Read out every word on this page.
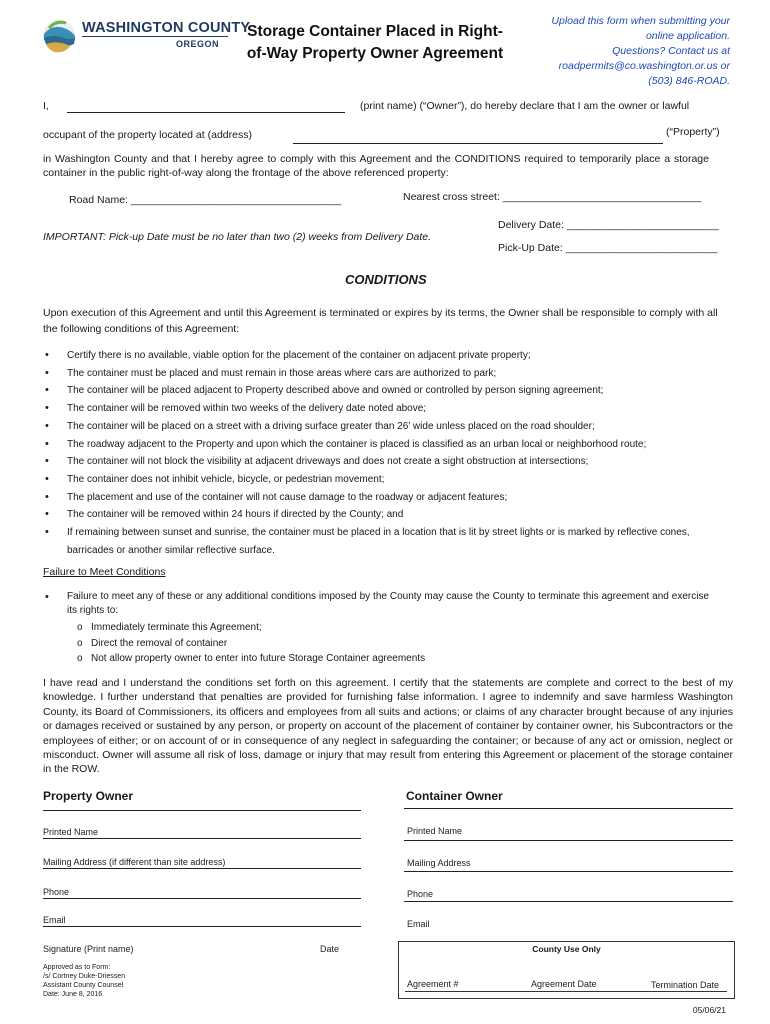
WASHINGTON COUNTY
OREGON
Storage Container Placed in Right-of-Way Property Owner Agreement
Upload this form when submitting your
online application.
Questions? Contact us at
roadpermits@co.washington.or.us or
(503) 846-ROAD.
I,	(print name) (“Owner”), do hereby declare that I am the owner or lawful
occupant of the property located at (address)	(“Property”)
in Washington County and that I hereby agree to comply with this Agreement and the CONDITIONS required to temporarily place a storage container in the public right-of-way along the frontage of the above referenced property:
Road Name: ____________________________________	Nearest cross street: __________________________________
Delivery Date: __________________________
IMPORTANT: Pick-up Date must be no later than two (2) weeks from Delivery Date.
Pick-Up Date: __________________________
CONDITIONS
Upon execution of this Agreement and until this Agreement is terminated or expires by its terms, the Owner shall be responsible to comply with all the following conditions of this Agreement:
• Certify there is no available, viable option for the placement of the container on adjacent private property;
• The container must be placed and must remain in those areas where cars are authorized to park;
• The container will be placed adjacent to Property described above and owned or controlled by person signing agreement;
• The container will be removed within two weeks of the delivery date noted above;
• The container will be placed on a street with a driving surface greater than 26’ wide unless placed on the road shoulder;
• The roadway adjacent to the Property and upon which the container is placed is classified as an urban local or neighborhood route;
• The container will not block the visibility at adjacent driveways and does not create a sight obstruction at intersections;
• The container does not inhibit vehicle, bicycle, or pedestrian movement;
• The placement and use of the container will not cause damage to the roadway or adjacent features;
• The container will be removed within 24 hours if directed by the County; and
• If remaining between sunset and sunrise, the container must be placed in a location that is lit by street lights or is marked by reflective cones, barricades or another similar reflective surface.
Failure to Meet Conditions
• Failure to meet any of these or any additional conditions imposed by the County may cause the County to terminate this agreement and exercise its rights to:
o Immediately terminate this Agreement;
o Direct the removal of container
o Not allow property owner to enter into future Storage Container agreements
I have read and I understand the conditions set forth on this agreement. I certify that the statements are complete and correct to the best of my knowledge. I further understand that penalties are provided for furnishing false information. I agree to indemnify and save harmless Washington County, its Board of Commissioners, its officers and employees from all suits and actions; or claims of any character brought because of any injuries or damages received or sustained by any person, or property on account of the placement of container by container owner, his Subcontractors or the employees of either; or on account of or in consequence of any neglect in safeguarding the container; or because of any act or omission, neglect or misconduct. Owner will assume all risk of loss, damage or injury that may result from entering this Agreement or placement of the storage container in the ROW.
Property Owner
Printed Name
Mailing Address (if different than site address)
Phone
Email
Signature (Print name)	Date
Approved as to Form:
/s/ Cortney Duke-Driessen
Assistant County Counsel
Date: June 8, 2016
Container Owner
Printed Name
Mailing Address
Phone
Email
County Use Only
Agreement #	Agreement Date	Termination Date
05/06/21
